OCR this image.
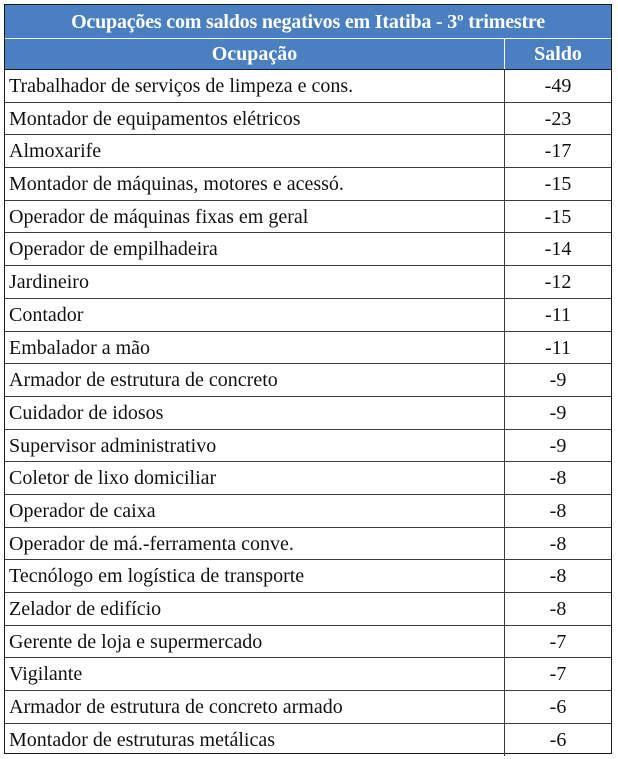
Ocupações com saldos negativos em Itatiba - 3º trimestre
Ocupação	Saldo
Trabalhador de serviços de limpeza e cons.	-49
Montador de equipamentos elétricos	-23
Almoxarife	-17
Montador de máquinas, motores e acessó.	-15
Operador de máquinas fixas em geral	-15
Operador de empilhadeira	-14
Jardineiro	-12
Contador	-11
Embalador a mão	-11
Armador de estrutura de concreto	-9
Cuidador de idosos	-9
Supervisor administrativo	-9
Coletor de lixo domiciliar	-8
Operador de caixa	-8
Operador de má.-ferramenta conve.	-8
Tecnólogo em logística de transporte	-8
Zelador de edifício	-8
Gerente de loja e supermercado	-7
Vigilante	-7
Armador de estrutura de concreto armado	-6
Montador de estruturas metálicas	-6
